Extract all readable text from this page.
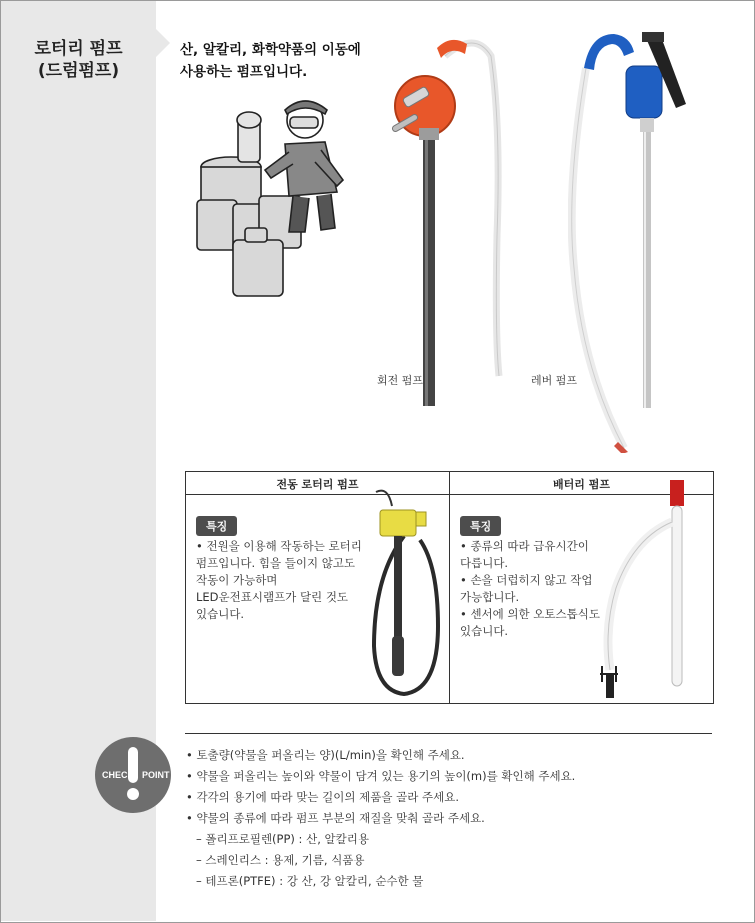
로터리 펌프
(드럼펌프)
CHECK POINT
산, 알칼리, 화학약품의 이동에
사용하는 펌프입니다.
회전 펌프	레버 펌프
전동 로터리 펌프	배터리 펌프
특징
• 전원을 이용해 작동하는 로터리
펌프입니다. 힘을 들이지 않고도
작동이 가능하며
LED운전표시램프가 달린 것도
있습니다.
특징
• 종류의 따라 급유시간이
다릅니다.
• 손을 더럽히지 않고 작업
가능합니다.
• 센서에 의한 오토스톱식도
있습니다.
• 토출량(약물을 퍼올리는 양)(L/min)을 확인해 주세요.
• 약물을 퍼올리는 높이와 약물이 담겨 있는 용기의 높이(m)를 확인해 주세요.
• 각각의 용기에 따라 맞는 길이의 제품을 골라 주세요.
• 약물의 종류에 따라 펌프 부분의 재질을 맞춰 골라 주세요.
– 폴리프로필렌(PP) : 산, 알칼리용
– 스레인리스 : 용제, 기름, 식품용
– 테프론(PTFE) : 강 산, 강 알칼리, 순수한 물
